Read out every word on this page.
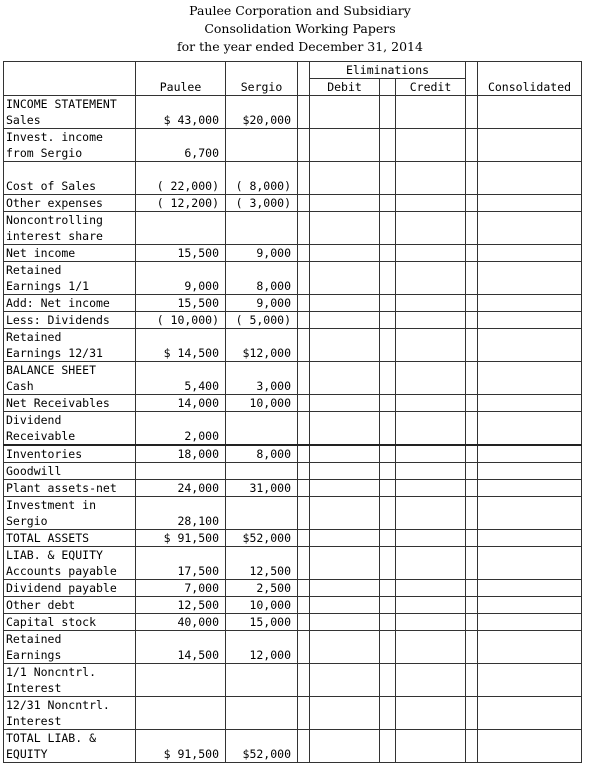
Paulee Corporation and Subsidiary
Consolidation Working Papers
for the year ended December 31, 2014
	Paulee	Sergio		Eliminations				Consolidated
				Debit		Credit		

INCOME STATEMENT
Sales	$ 43,000	$20,000						

Invest. income
from Sergio	6,700							

Cost of Sales	( 22,000)	( 8,000)						

Other expenses	( 12,200)	( 3,000)						

Noncontrolling
interest share								

Net income	15,500	9,000						

Retained
Earnings 1/1	9,000	8,000						

Add: Net income	15,500	9,000						

Less: Dividends	( 10,000)	( 5,000)						

Retained
Earnings 12/31	$ 14,500	$12,000						

BALANCE SHEET
Cash	5,400	3,000						

Net Receivables	14,000	10,000						

Dividend
Receivable	2,000							

Inventories	18,000	8,000						

Goodwill								

Plant assets-net	24,000	31,000						

Investment in
Sergio	28,100							

TOTAL ASSETS	$ 91,500	$52,000						

LIAB. & EQUITY
Accounts payable	17,500	12,500						

Dividend payable	7,000	2,500						

Other debt	12,500	10,000						

Capital stock	40,000	15,000						

Retained
Earnings	14,500	12,000						

1/1 Noncntrl.
Interest								

12/31 Noncntrl.
Interest								

TOTAL LIAB. &
EQUITY	$ 91,500	$52,000						
